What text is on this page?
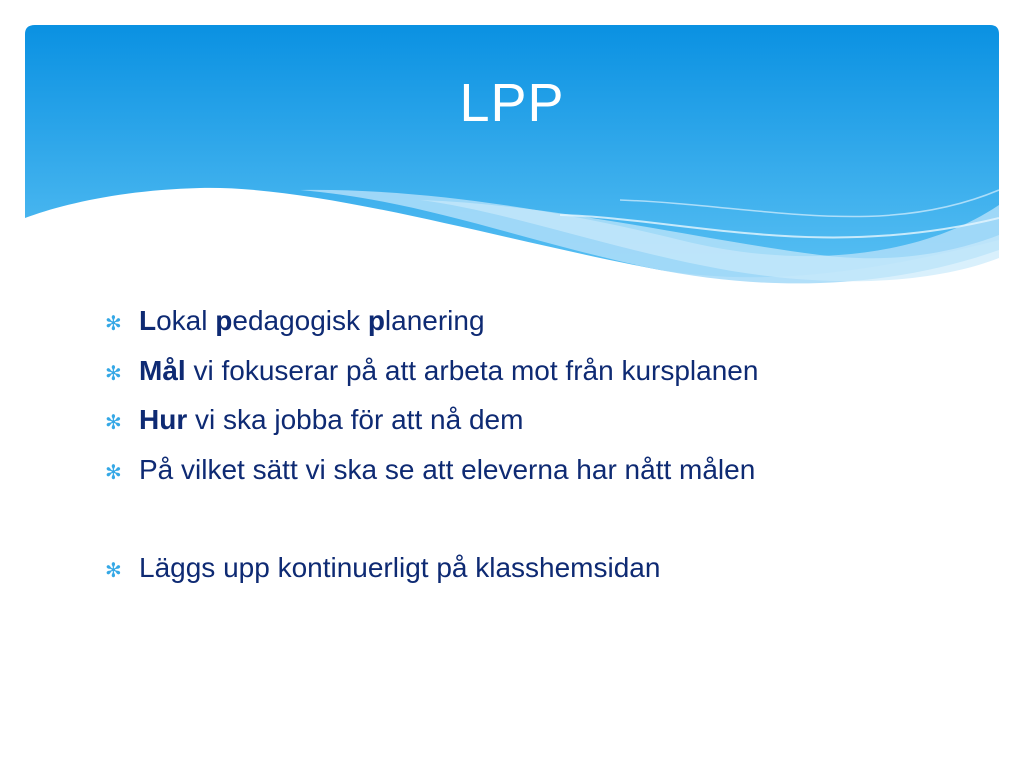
LPP
✻ Lokal pedagogisk planering
✻ Mål vi fokuserar på att arbeta mot från kursplanen
✻ Hur vi ska jobba för att nå dem
✻ På vilket sätt vi ska se att eleverna har nått målen
✻ Läggs upp kontinuerligt på klasshemsidan
